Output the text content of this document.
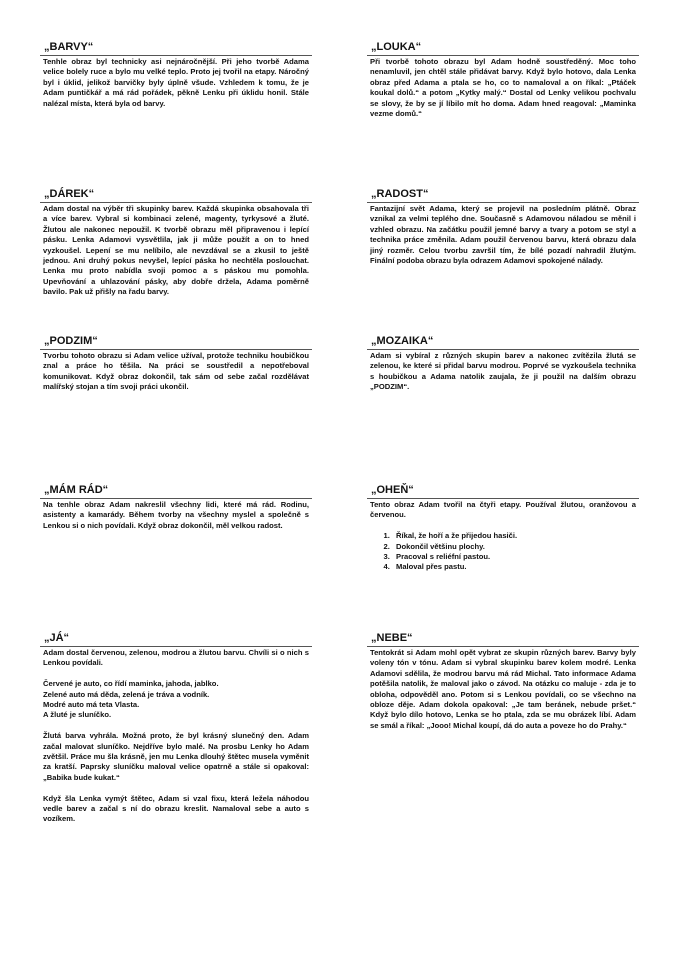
„BARVY“

Tenhle obraz byl technicky asi nejnáročnější. Při jeho tvorbě Adama velice bolely ruce a bylo mu velké teplo. Proto jej tvořil na etapy. Náročný byl i úklid, jelikož barvičky byly úplně všude. Vzhledem k tomu, že je Adam puntičkář a má rád pořádek, pěkně Lenku při úklidu honil. Stále nalézal místa, která byla od barvy.

„LOUKA“

Při tvorbě tohoto obrazu byl Adam hodně soustředěný. Moc toho nenamluvil, jen chtěl stále přidávat barvy. Když bylo hotovo, dala Lenka obraz před Adama a ptala se ho, co to namaloval a on říkal: „Ptáček koukal dolů.“ a potom „Kytky malý.“ Dostal od Lenky velikou pochvalu se slovy, že by se jí líbilo mít ho doma. Adam hned reagoval: „Maminka vezme domů.“

„DÁREK“

Adam dostal na výběr tři skupinky barev. Každá skupinka obsahovala tři a více barev. Vybral si kombinaci zelené, magenty, tyrkysové a žluté. Žlutou ale nakonec nepoužil. K tvorbě obrazu měl připravenou i lepící pásku. Lenka Adamovi vysvětlila, jak ji může použít a on to hned vyzkoušel. Lepení se mu nelíbilo, ale nevzdával se a zkusil to ještě jednou. Ani druhý pokus nevyšel, lepící páska ho nechtěla poslouchat. Lenka mu proto nabídla svoji pomoc a s páskou mu pomohla. Upevňování a uhlazování pásky, aby dobře držela, Adama poměrně bavilo. Pak už přišly na řadu barvy.

„RADOST“

Fantazijní svět Adama, který se projevil na posledním plátně. Obraz vznikal za velmi teplého dne. Současně s Adamovou náladou se měnil i vzhled obrazu. Na začátku použil jemné barvy a tvary a potom se styl a technika práce změnila. Adam použil červenou barvu, která obrazu dala jiný rozměr. Celou tvorbu završil tím, že bílé pozadí nahradil žlutým. Finální podoba obrazu byla odrazem Adamovi spokojené nálady.

„PODZIM“

Tvorbu tohoto obrazu si Adam velice užíval, protože techniku houbičkou znal a práce ho těšila. Na práci se soustředil a nepotřeboval komunikovat. Když obraz dokončil, tak sám od sebe začal rozdělávat malířský stojan a tím svoji práci ukončil.

„MOZAIKA“

Adam si vybíral z různých skupin barev a nakonec zvítězila žlutá se zelenou, ke které si přidal barvu modrou. Poprvé se vyzkoušela technika s houbičkou a Adama natolik zaujala, že ji použil na dalším obrazu „PODZIM“.

„MÁM RÁD“

Na tenhle obraz Adam nakreslil všechny lidi, které má rád. Rodinu, asistenty a kamarády. Během tvorby na všechny myslel a společně s Lenkou si o nich povídali. Když obraz dokončil, měl velkou radost.

„OHEŇ“

Tento obraz Adam tvořil na čtyři etapy. Používal žlutou, oranžovou a červenou.

1. Říkal, že hoří a že přijedou hasiči.
2. Dokončil většinu plochy.
3. Pracoval s reliéfní pastou.
4. Maloval přes pastu.
„JÁ“

Adam dostal červenou, zelenou, modrou a žlutou barvu. Chvíli si o nich s Lenkou povídali.

Červené je auto, co řídí maminka, jahoda, jablko.
Zelené auto má děda, zelená je tráva a vodník.
Modré auto má teta Vlasta.
A žluté je sluníčko.

Žlutá barva vyhrála. Možná proto, že byl krásný slunečný den. Adam začal malovat sluníčko. Nejdříve bylo malé. Na prosbu Lenky ho Adam zvětšil. Práce mu šla krásně, jen mu Lenka dlouhý štětec musela vyměnit za kratší. Paprsky sluníčku maloval velice opatrně a stále si opakoval: „Babika bude kukat.“

Když šla Lenka vymýt štětec, Adam si vzal fixu, která ležela náhodou vedle barev a začal s ní do obrazu kreslit. Namaloval sebe a auto s vozíkem.

„NEBE“

Tentokrát si Adam mohl opět vybrat ze skupin různých barev. Barvy byly voleny tón v tónu. Adam si vybral skupinku barev kolem modré. Lenka Adamovi sdělila, že modrou barvu má rád Michal. Tato informace Adama potěšila natolik, že maloval jako o závod. Na otázku co maluje - zda je to obloha, odpověděl ano. Potom si s Lenkou povídali, co se všechno na obloze děje. Adam dokola opakoval: „Je tam beránek, nebude pršet.“ Když bylo dílo hotovo, Lenka se ho ptala, zda se mu obrázek líbí. Adam se smál a říkal: „Jooo! Michal koupí, dá do auta a poveze ho do Prahy.“
